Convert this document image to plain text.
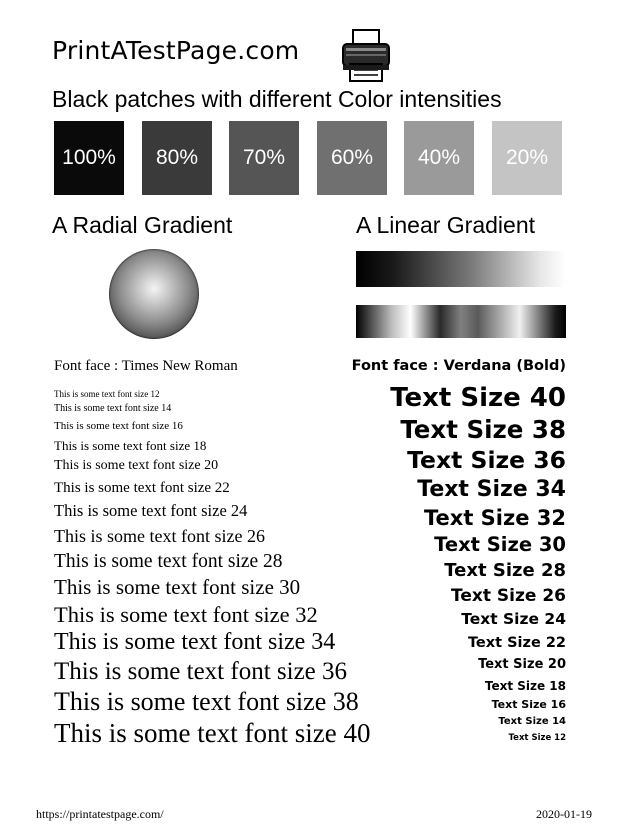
PrintATestPage.com
Black patches with different Color intensities
100% 80% 70% 60% 40% 20%
A Radial Gradient	A Linear Gradient
Font face : Times New Roman
This is some text font size 12
This is some text font size 14
This is some text font size 16
This is some text font size 18
This is some text font size 20
This is some text font size 22
This is some text font size 24
This is some text font size 26
This is some text font size 28
This is some text font size 30
This is some text font size 32
This is some text font size 34
This is some text font size 36
This is some text font size 38
This is some text font size 40
Font face : Verdana (Bold)
Text Size 40
Text Size 38
Text Size 36
Text Size 34
Text Size 32
Text Size 30
Text Size 28
Text Size 26
Text Size 24
Text Size 22
Text Size 20
Text Size 18
Text Size 16
Text Size 14
Text Size 12
https://printatestpage.com/	2020-01-19
